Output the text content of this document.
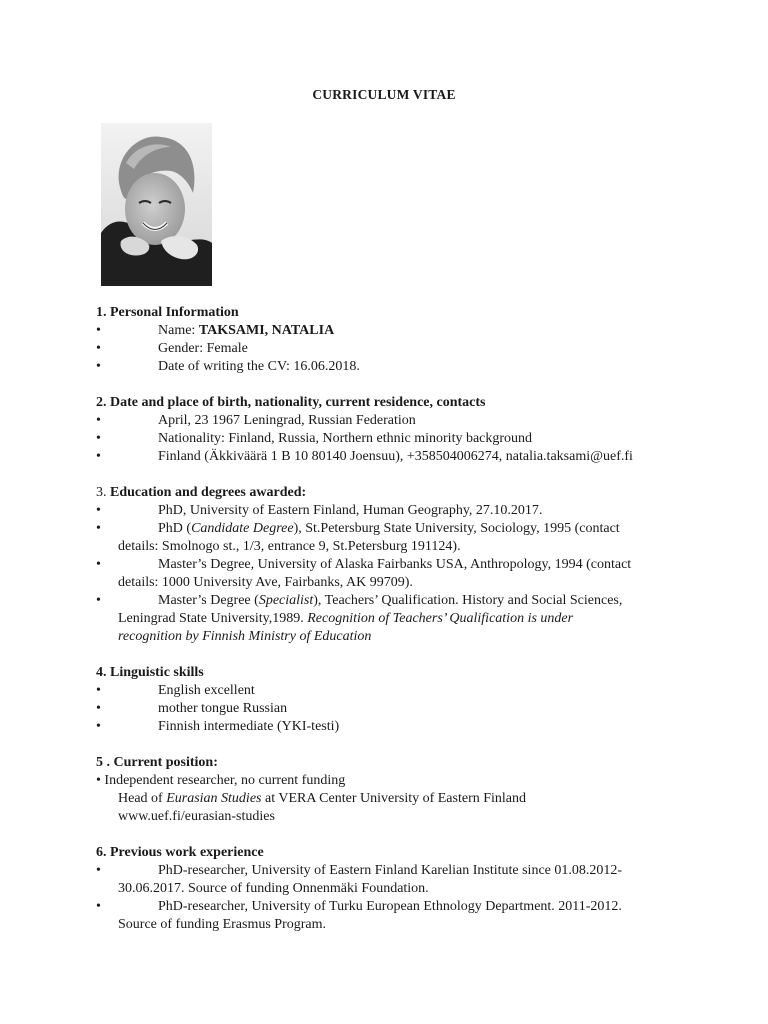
CURRICULUM VITAE
1. Personal Information
•	Name: TAKSAMI, NATALIA
•	Gender: Female
•	Date of writing the CV: 16.06.2018.
2. Date and place of birth, nationality, current residence, contacts
•	April, 23 1967 Leningrad, Russian Federation
•	Nationality: Finland, Russia, Northern ethnic minority background
•	Finland (Äkkiväärä 1 B 10 80140 Joensuu), +358504006274, natalia.taksami@uef.fi
3. Education and degrees awarded:
•	PhD, University of Eastern Finland, Human Geography, 27.10.2017.
•	PhD (Candidate Degree), St.Petersburg State University, Sociology, 1995 (contact
details: Smolnogo st., 1/3, entrance 9, St.Petersburg 191124).
•	Master’s Degree, University of Alaska Fairbanks USA, Anthropology, 1994 (contact
details: 1000 University Ave, Fairbanks, AK 99709).
•	Master’s Degree (Specialist), Teachers’ Qualification. History and Social Sciences,
Leningrad State University,1989. Recognition of Teachers’ Qualification is under
recognition by Finnish Ministry of Education
4. Linguistic skills
•	English excellent
•	mother tongue Russian
•	Finnish intermediate (YKI-testi)
5 . Current position:
• Independent researcher, no current funding
Head of Eurasian Studies at VERA Center University of Eastern Finland
www.uef.fi/eurasian-studies
6. Previous work experience
•	PhD-researcher, University of Eastern Finland Karelian Institute since 01.08.2012-
30.06.2017. Source of funding Onnenmäki Foundation.
•	PhD-researcher, University of Turku European Ethnology Department. 2011-2012.
Source of funding Erasmus Program.
